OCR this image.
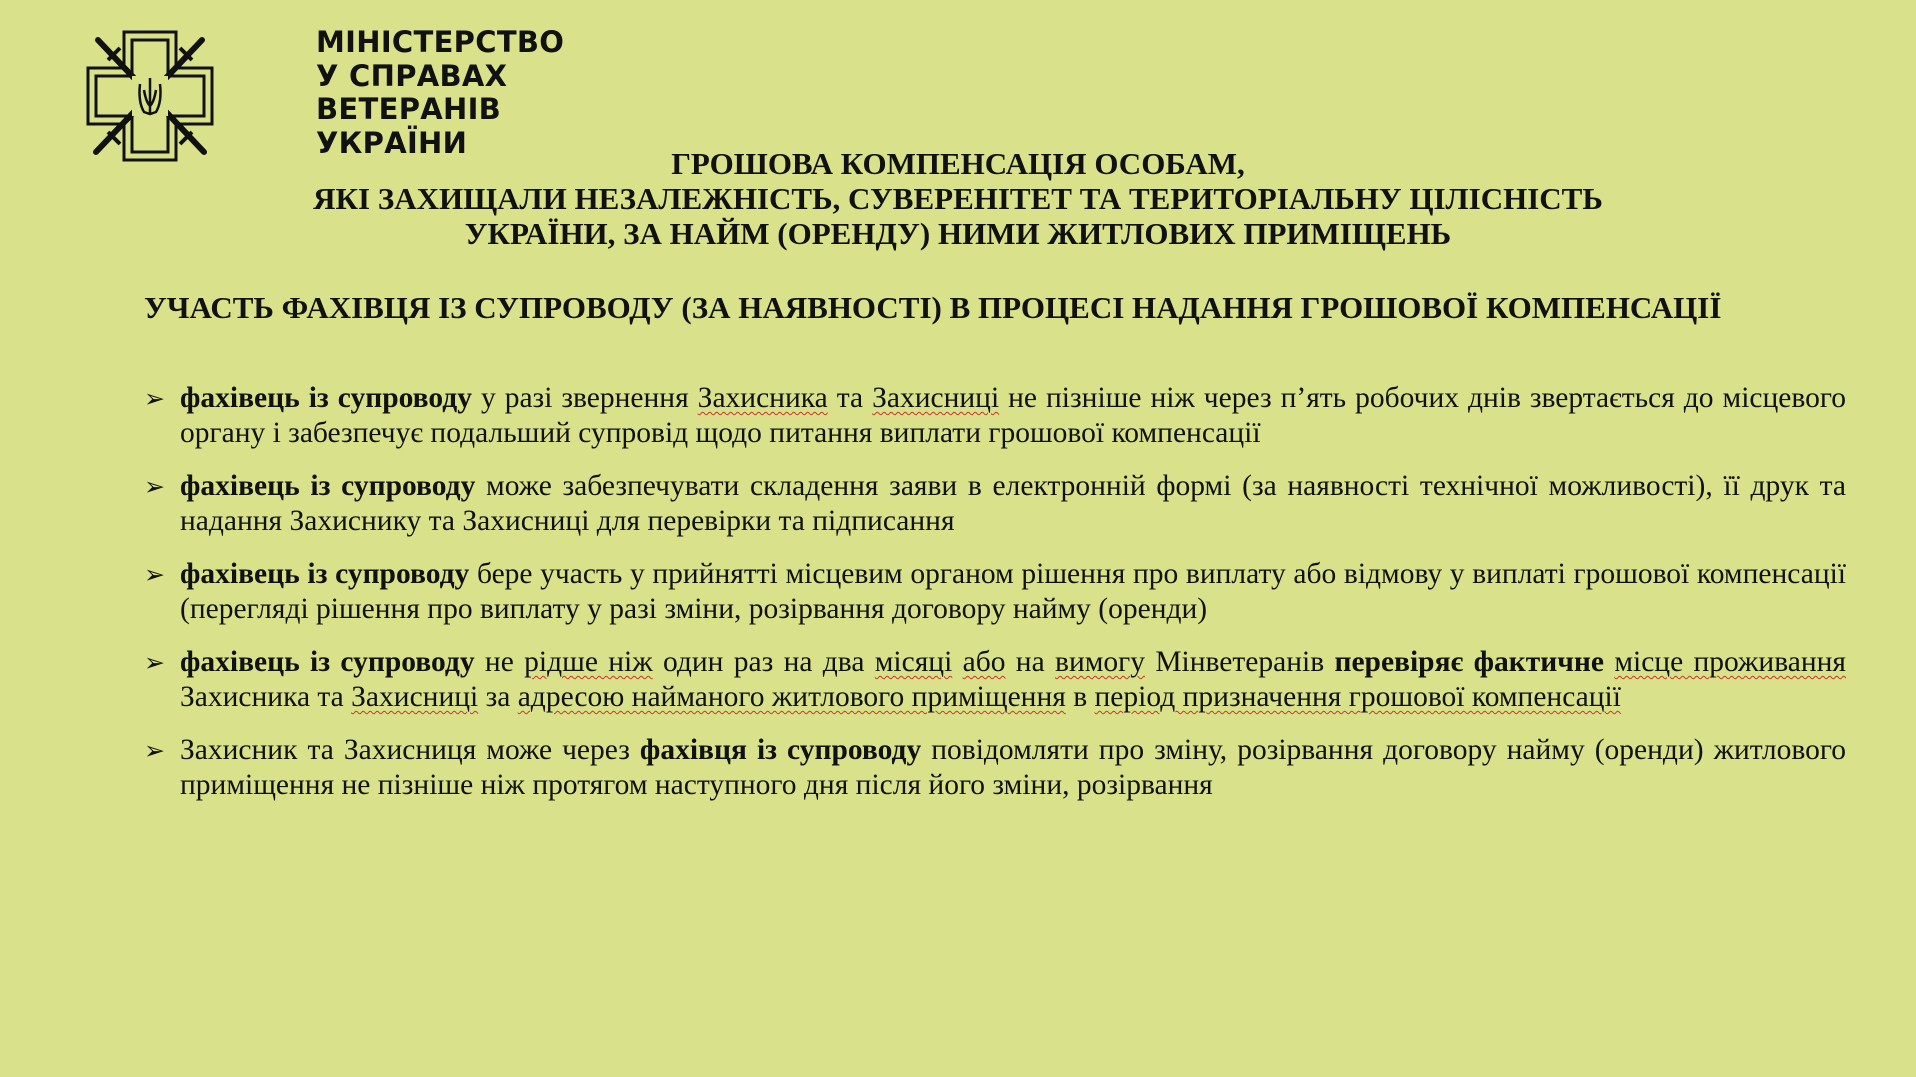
МІНІСТЕРСТВО
У СПРАВАХ
ВЕТЕРАНІВ
УКРАЇНИ
ГРОШОВА КОМПЕНСАЦІЯ ОСОБАМ,
ЯКІ ЗАХИЩАЛИ НЕЗАЛЕЖНІСТЬ, СУВЕРЕНІТЕТ ТА ТЕРИТОРІАЛЬНУ ЦІЛІСНІСТЬ
УКРАЇНИ, ЗА НАЙМ (ОРЕНДУ) НИМИ ЖИТЛОВИХ ПРИМІЩЕНЬ
УЧАСТЬ ФАХІВЦЯ ІЗ СУПРОВОДУ (ЗА НАЯВНОСТІ) В ПРОЦЕСІ НАДАННЯ ГРОШОВОЇ КОМПЕНСАЦІЇ
➢ фахівець із супроводу у разі звернення Захисника та Захисниці не пізніше ніж через п’ять робочих днів звертається до місцевого органу і забезпечує подальший супровід щодо питання виплати грошової компенсації
➢ фахівець із супроводу може забезпечувати складення заяви в електронній формі (за наявності технічної можливості), її друк та надання Захиснику та Захисниці для перевірки та підписання
➢ фахівець із супроводу бере участь у прийнятті місцевим органом рішення про виплату або відмову у виплаті грошової компенсації (перегляді рішення про виплату у разі зміни, розірвання договору найму (оренди)
➢ фахівець із супроводу не рідше ніж один раз на два місяці або на вимогу Мінветеранів перевіряє фактичне місце проживання Захисника та Захисниці за адресою найманого житлового приміщення в період призначення грошової компенсації
➢ Захисник та Захисниця може через фахівця із супроводу повідомляти про зміну, розірвання договору найму (оренди) житлового приміщення не пізніше ніж протягом наступного дня після його зміни, розірвання
